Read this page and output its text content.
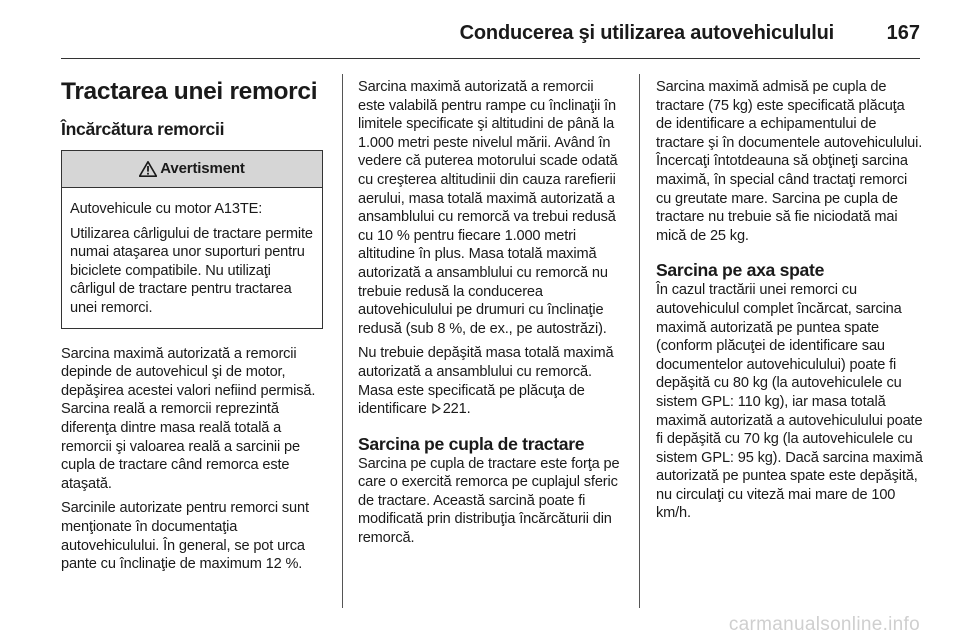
Conducerea şi utilizarea autovehiculului	167
Tractarea unei remorci
Încărcătura remorcii
Avertisment

Autovehicule cu motor A13TE:

Utilizarea cârligului de tractare permite numai ataşarea unor suporturi pentru biciclete compatibile. Nu utilizaţi cârligul de tractare pentru tractarea unei remorci.

Sarcina maximă autorizată a remorcii depinde de autovehicul şi de motor, depăşirea acestei valori nefiind permisă. Sarcina reală a remorcii reprezintă diferenţa dintre masa reală totală a remorcii şi valoarea reală a sarcinii pe cupla de tractare când remorca este ataşată.

Sarcinile autorizate pentru remorci sunt menţionate în documentaţia autovehiculului. În general, se pot urca pante cu înclinaţie de maximum 12 %.

Sarcina maximă autorizată a remorcii este valabilă pentru rampe cu înclinaţii în limitele specificate şi altitudini de până la 1.000 metri peste nivelul mării. Având în vedere că puterea motorului scade odată cu creşterea altitudinii din cauza rarefierii aerului, masa totală maximă autorizată a ansamblului cu remorcă va trebui redusă cu 10 % pentru fiecare 1.000 metri altitudine în plus. Masa totală maximă autorizată a ansamblului cu remorcă nu trebuie redusă la conducerea autovehiculului pe drumuri cu înclinaţie redusă (sub 8 %, de ex., pe autostrăzi).

Nu trebuie depăşită masa totală maximă autorizată a ansamblului cu remorcă. Masa este specificată pe plăcuţa de identificare 221.

Sarcina pe cupla de tractare

Sarcina pe cupla de tractare este forţa pe care o exercită remorca pe cuplajul sferic de tractare. Această sarcină poate fi modificată prin distribuţia încărcăturii din remorcă.

Sarcina maximă admisă pe cupla de tractare (75 kg) este specificată plăcuţa de identificare a echipamentului de tractare şi în documentele autovehiculului. Încercaţi întotdeauna să obţineţi sarcina maximă, în special când tractaţi remorci cu greutate mare. Sarcina pe cupla de tractare nu trebuie să fie niciodată mai mică de 25 kg.

Sarcina pe axa spate

În cazul tractării unei remorci cu autovehiculul complet încărcat, sarcina maximă autorizată pe puntea spate (conform plăcuţei de identificare sau documentelor autovehiculului) poate fi depăşită cu 80 kg (la autovehiculele cu sistem GPL: 110 kg), iar masa totală maximă autorizată a autovehiculului poate fi depăşită cu 70 kg (la autovehiculele cu sistem GPL: 95 kg). Dacă sarcina maximă autorizată pe puntea spate este depăşită, nu circulaţi cu viteză mai mare de 100 km/h.

carmanualsonline.info
